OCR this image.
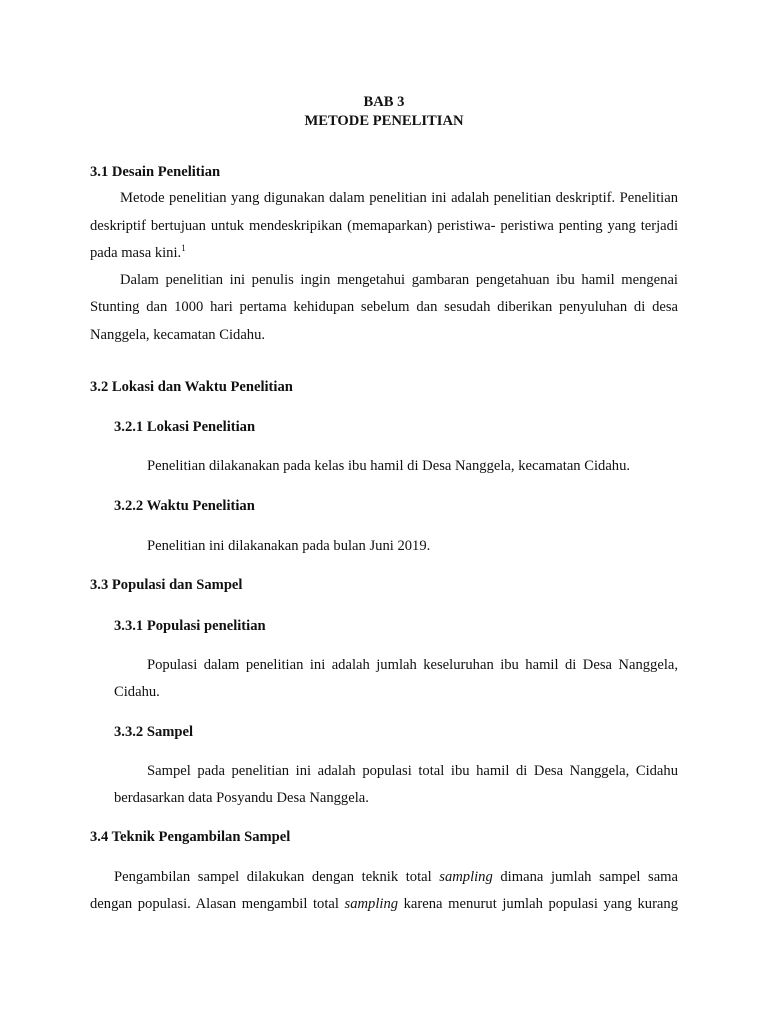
BAB 3

METODE PENELITIAN

3.1 Desain Penelitian

Metode penelitian yang digunakan dalam penelitian ini adalah penelitian deskriptif. Penelitian

deskriptif bertujuan untuk mendeskripikan (memaparkan) peristiwa- peristiwa penting yang terjadi

pada masa kini.$^1$

Dalam penelitian ini penulis ingin mengetahui gambaran pengetahuan ibu hamil mengenai

Stunting dan 1000 hari pertama kehidupan sebelum dan sesudah diberikan penyuluhan di desa

Nanggela, kecamatan Cidahu.

3.2 Lokasi dan Waktu Penelitian

3.2.1 Lokasi Penelitian

Penelitian dilakanakan pada kelas ibu hamil di Desa Nanggela, kecamatan Cidahu.

3.2.2 Waktu Penelitian

Penelitian ini dilakanakan pada bulan Juni 2019.

3.3 Populasi dan Sampel

3.3.1 Populasi penelitian

Populasi dalam penelitian ini adalah jumlah keseluruhan ibu hamil di Desa Nanggela,

Cidahu.

3.3.2 Sampel

Sampel pada penelitian ini adalah populasi total ibu hamil di Desa Nanggela, Cidahu

berdasarkan data Posyandu Desa Nanggela.

3.4 Teknik Pengambilan Sampel

Pengambilan sampel dilakukan dengan teknik total sampling dimana jumlah sampel sama

dengan populasi. Alasan mengambil total sampling karena menurut jumlah populasi yang kurang
